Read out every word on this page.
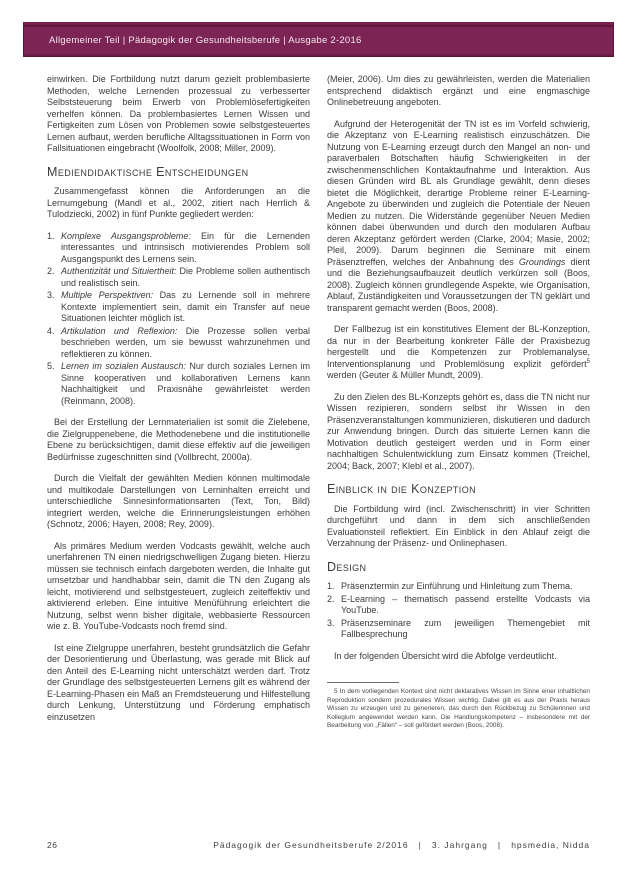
Allgemeiner Teil | Pädagogik der Gesundheitsberufe | Ausgabe 2-2016

einwirken. Die Fortbildung nutzt darum gezielt problembasierte Methoden, welche Lernenden prozessual zu verbesserter Selbststeuerung beim Erwerb von Problemlösefertigkeiten verhelfen können. Da problembasiertes Lernen Wissen und Fertigkeiten zum Lösen von Problemen sowie selbstgesteuertes Lernen aufbaut, werden berufliche Alltagssituationen in Form von Fallsituationen eingebracht (Woolfolk, 2008; Miller, 2009).

Mediendidaktische Entscheidungen

Zusammengefasst können die Anforderungen an die Lernumgebung (Mandl et al., 2002, zitiert nach Herrlich & Tulodziecki, 2002) in fünf Punkte gegliedert werden:

1. Komplexe Ausgangsprobleme: Ein für die Lernenden interessantes und intrinsisch motivierendes Problem soll Ausgangspunkt des Lernens sein.
2. Authentizität und Situiertheit: Die Probleme sollen authentisch und realistisch sein.
3. Multiple Perspektiven: Das zu Lernende soll in mehrere Kontexte implementiert sein, damit ein Transfer auf neue Situationen leichter möglich ist.
4. Artikulation und Reflexion: Die Prozesse sollen verbal beschrieben werden, um sie bewusst wahrzunehmen und reflektieren zu können.
5. Lernen im sozialen Austausch: Nur durch soziales Lernen im Sinne kooperativen und kollaborativen Lernens kann Nachhaltigkeit und Praxisnähe gewährleistet werden (Reinmann, 2008).

Bei der Erstellung der Lernmaterialien ist somit die Zielebene, die Zielgruppenebene, die Methodenebene und die institutionelle Ebene zu berücksichtigen, damit diese effektiv auf die jeweiligen Bedürfnisse zugeschnitten sind (Vollbrecht, 2000a).

Durch die Vielfalt der gewählten Medien können multimodale und multikodale Darstellungen von Lerninhalten erreicht und unterschiedliche Sinnesinformationsarten (Text, Ton, Bild) integriert werden, welche die Erinnerungsleistungen erhöhen (Schnotz, 2006; Hayen, 2008; Rey, 2009).

Als primäres Medium werden Vodcasts gewählt, welche auch unerfahrenen TN einen niedrigschwelligen Zugang bieten. Hierzu müssen sie technisch einfach dargeboten werden, die Inhalte gut umsetzbar und handhabbar sein, damit die TN den Zugang als leicht, motivierend und selbstgesteuert, zugleich zeiteffektiv und aktivierend erleben. Eine intuitive Menüführung erleichtert die Nutzung, selbst wenn bisher digitale, webbasierte Ressourcen wie z. B. YouTube-Vodcasts noch fremd sind.

Ist eine Zielgruppe unerfahren, besteht grundsätzlich die Gefahr der Desorientierung und Überlastung, was gerade mit Blick auf den Anteil des E-Learning nicht unterschätzt werden darf. Trotz der Grundlage des selbstgesteuerten Lernens gilt es während der E-Learning-Phasen ein Maß an Fremdsteuerung und Hilfestellung durch Lenkung, Unterstützung und Förderung emphatisch einzusetzen

(Meier, 2006). Um dies zu gewährleisten, werden die Materialien entsprechend didaktisch ergänzt und eine engmaschige Onlinebetreuung angeboten.

Aufgrund der Heterogenität der TN ist es im Vorfeld schwierig, die Akzeptanz von E-Learning realistisch einzuschätzen. Die Nutzung von E-Learning erzeugt durch den Mangel an non- und paraverbalen Botschaften häufig Schwierigkeiten in der zwischenmenschlichen Kontaktaufnahme und Interaktion. Aus diesen Gründen wird BL als Grundlage gewählt, denn dieses bietet die Möglichkeit, derartige Probleme reiner E-Learning-Angebote zu überwinden und zugleich die Potentiale der Neuen Medien zu nutzen. Die Widerstände gegenüber Neuen Medien können dabei überwunden und durch den modularen Aufbau deren Akzeptanz gefördert werden (Clarke, 2004; Masie, 2002; Pleil, 2009). Darum beginnen die Seminare mit einem Präsenztreffen, welches der Anbahnung des Groundings dient und die Beziehungsaufbauzeit deutlich verkürzen soll (Boos, 2008). Zugleich können grundlegende Aspekte, wie Organisation, Ablauf, Zuständigkeiten und Voraussetzungen der TN geklärt und transparent gemacht werden (Boos, 2008).

Der Fallbezug ist ein konstitutives Element der BL-Konzeption, da nur in der Bearbeitung konkreter Fälle der Praxisbezug hergestellt und die Kompetenzen zur Problemanalyse, Interventionsplanung und Problemlösung explizit gefördert$^5$ werden (Geuter & Müller Mundt, 2009).

Zu den Zielen des BL-Konzepts gehört es, dass die TN nicht nur Wissen rezipieren, sondern selbst ihr Wissen in den Präsenzveranstaltungen kommunizieren, diskutieren und dadurch zur Anwendung bringen. Durch das situierte Lernen kann die Motivation deutlich gesteigert werden und in Form einer nachhaltigen Schulentwicklung zum Einsatz kommen (Treichel, 2004; Back, 2007; Klebl et al., 2007).

Einblick in die Konzeption

Die Fortbildung wird (incl. Zwischenschritt) in vier Schritten durchgeführt und dann in dem sich anschließenden Evaluationsteil reflektiert. Ein Einblick in den Ablauf zeigt die Verzahnung der Präsenz- und Onlinephasen.

Design
1. Präsenztermin zur Einführung und Hinleitung zum Thema.
2. E-Learning – thematisch passend erstellte Vodcasts via YouTube.
3. Präsenzseminare zum jeweiligen Themengebiet mit Fallbesprechung

In der folgenden Übersicht wird die Abfolge verdeutlicht.

5 In dem vorliegenden Kontext sind nicht deklaratives Wissen im Sinne einer inhaltlichen Reproduktion sondern prozedurales Wissen wichtig. Dabei gilt es aus der Praxis heraus Wissen zu erzeugen und zu generieren, das durch den Rückbezug zu Schülerinnen und Kollegium angewendet werden kann. Die Handlungskompetenz – insbesondere mit der Bearbeitung von „Fällen“ – soll gefördert werden (Boos, 2008).

26	Pädagogik der Gesundheitsberufe 2/2016   |   3. Jahrgang   |   hpsmedia, Nidda
